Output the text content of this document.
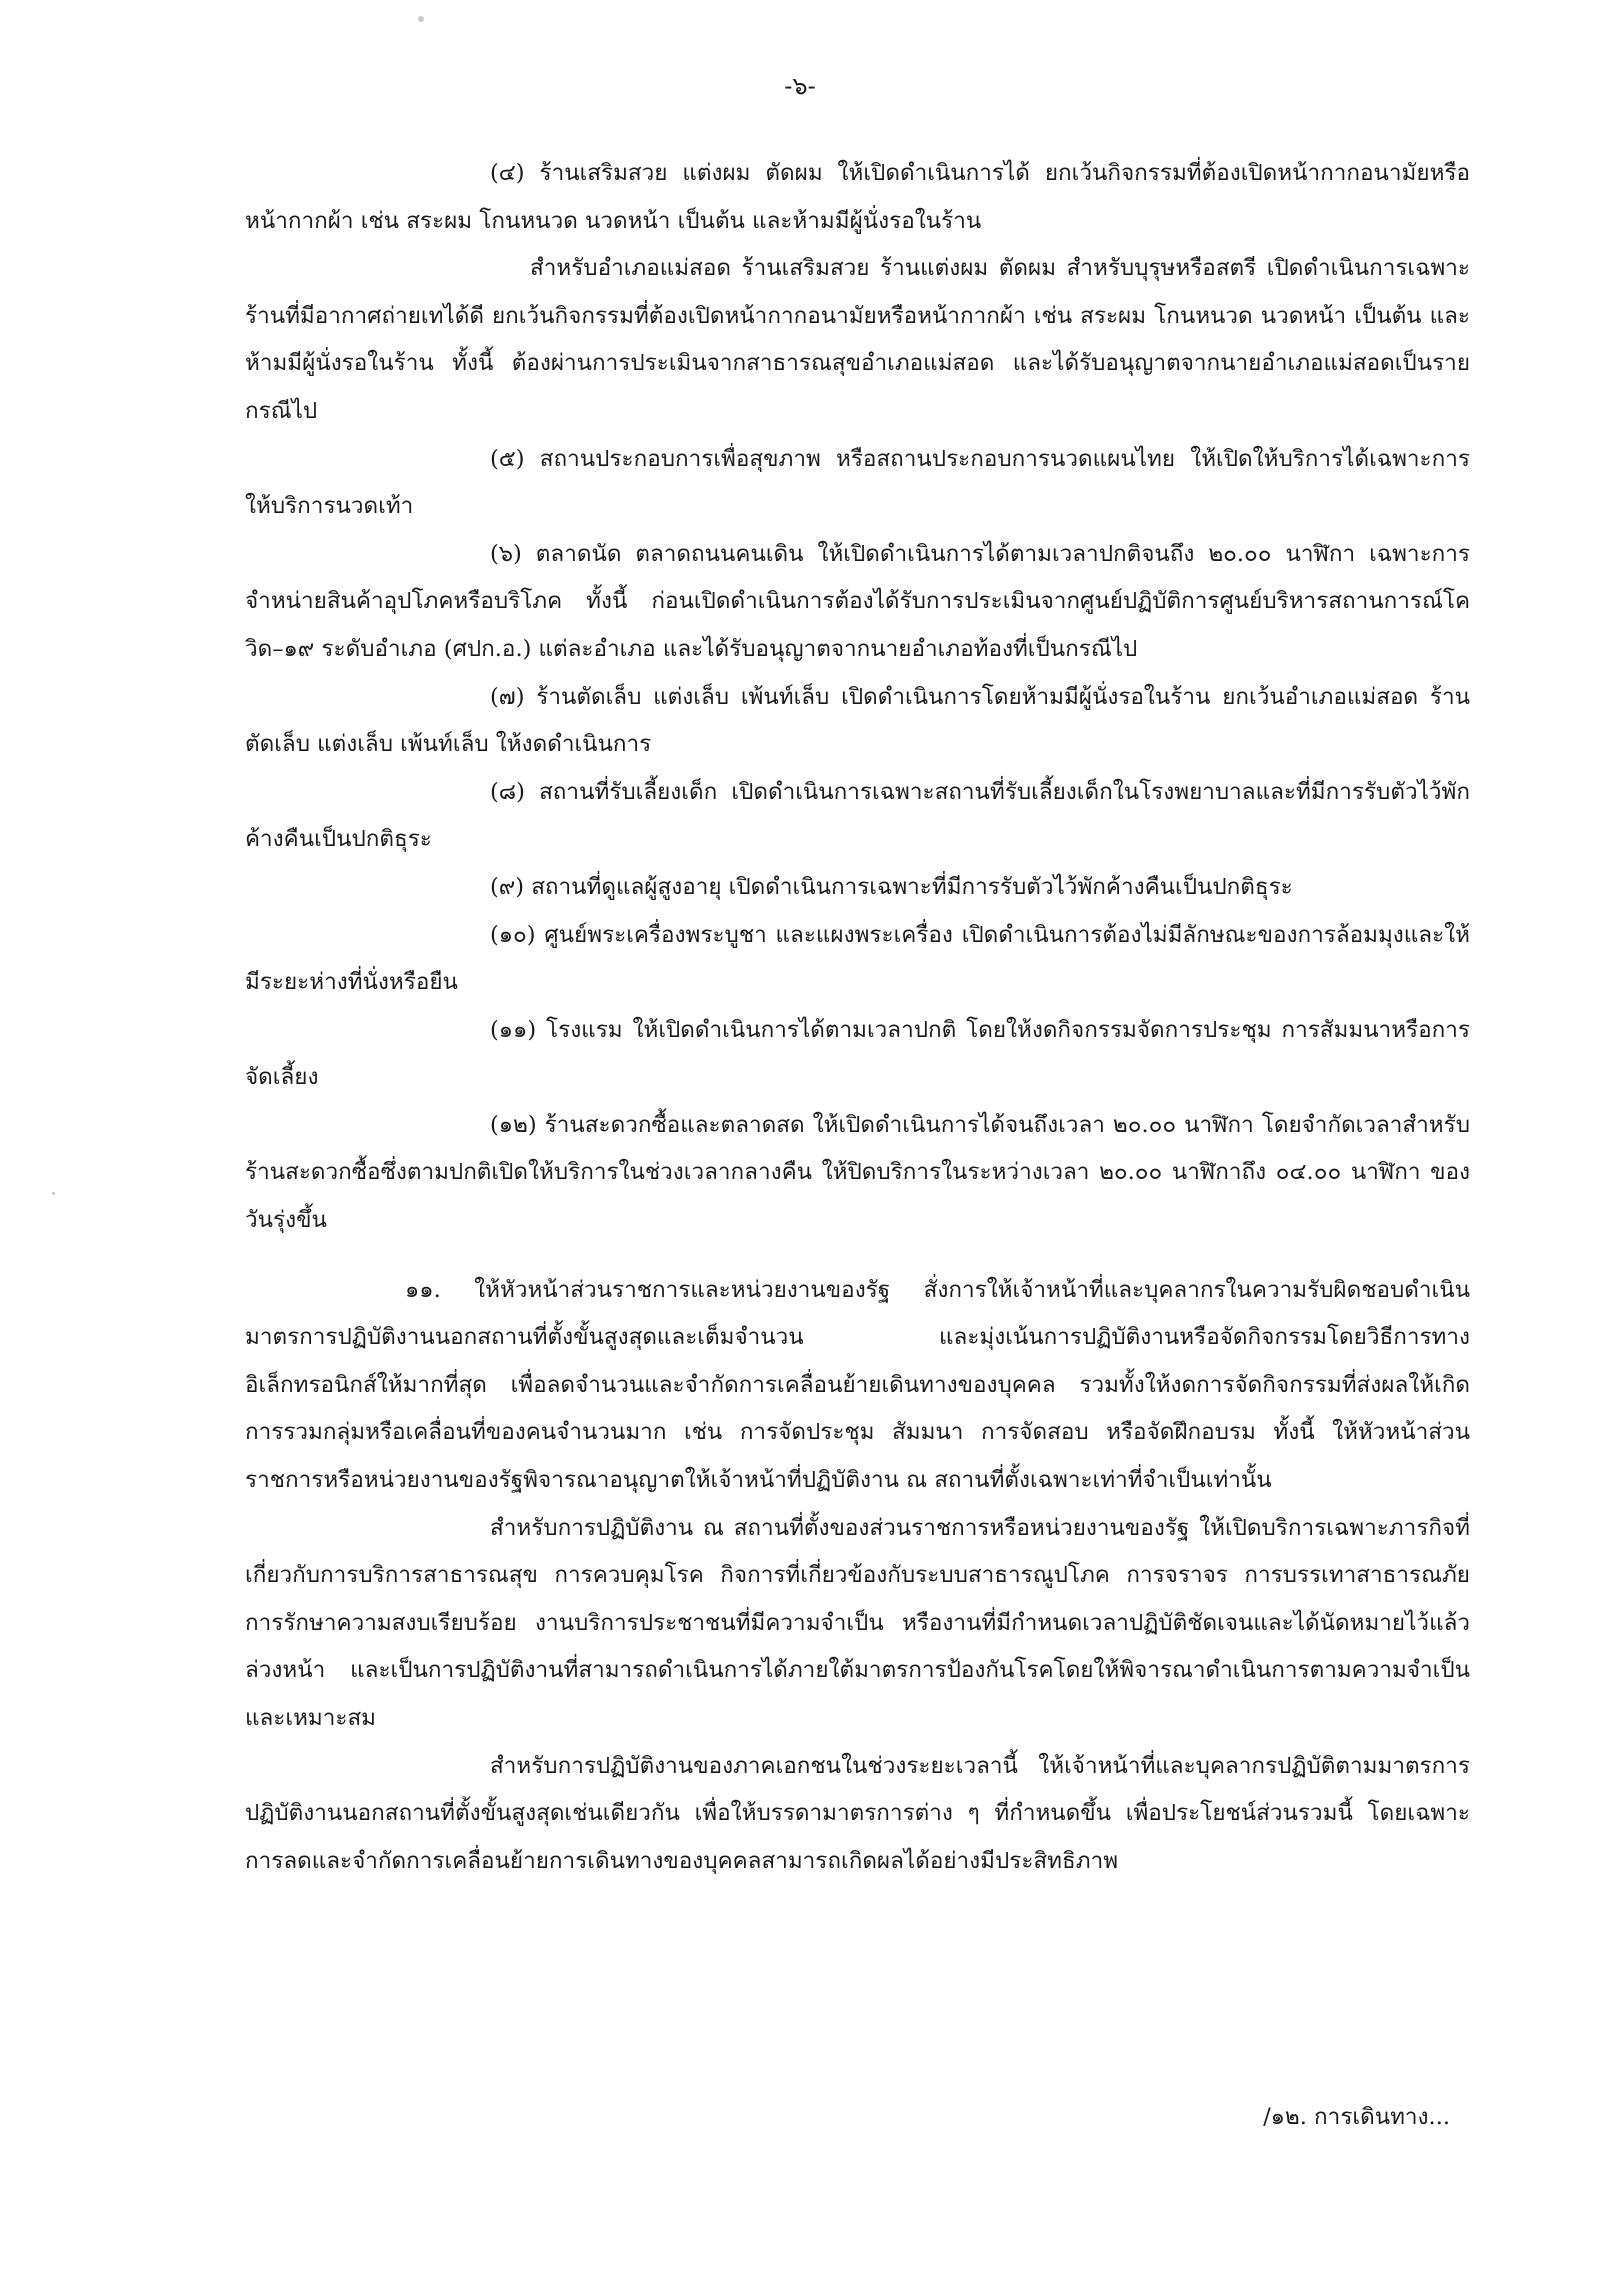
-๖-

(๔) ร้านเสริมสวย แต่งผม ตัดผม ให้เปิดดำเนินการได้ ยกเว้นกิจกรรมที่ต้องเปิดหน้ากากอนามัยหรือหน้ากากผ้า เช่น สระผม โกนหนวด นวดหน้า เป็นต้น และห้ามมีผู้นั่งรอในร้าน

สำหรับอำเภอแม่สอด ร้านเสริมสวย ร้านแต่งผม ตัดผม สำหรับบุรุษหรือสตรี เปิดดำเนินการเฉพาะร้านที่มีอากาศถ่ายเทได้ดี ยกเว้นกิจกรรมที่ต้องเปิดหน้ากากอนามัยหรือหน้ากากผ้า เช่น สระผม โกนหนวด นวดหน้า เป็นต้น และห้ามมีผู้นั่งรอในร้าน ทั้งนี้ ต้องผ่านการประเมินจากสาธารณสุขอำเภอแม่สอด และได้รับอนุญาตจากนายอำเภอแม่สอดเป็นรายกรณีไป

(๕) สถานประกอบการเพื่อสุขภาพ หรือสถานประกอบการนวดแผนไทย ให้เปิดให้บริการได้เฉพาะการให้บริการนวดเท้า

(๖) ตลาดนัด ตลาดถนนคนเดิน ให้เปิดดำเนินการได้ตามเวลาปกติจนถึง ๒๐.๐๐ นาฬิกา เฉพาะการจำหน่ายสินค้าอุปโภคหรือบริโภค ทั้งนี้ ก่อนเปิดดำเนินการต้องได้รับการประเมินจากศูนย์ปฏิบัติการศูนย์บริหารสถานการณ์โควิด–๑๙ ระดับอำเภอ (ศปก.อ.) แต่ละอำเภอ และได้รับอนุญาตจากนายอำเภอท้องที่เป็นกรณีไป

(๗) ร้านตัดเล็บ แต่งเล็บ เพ้นท์เล็บ เปิดดำเนินการโดยห้ามมีผู้นั่งรอในร้าน ยกเว้นอำเภอแม่สอด ร้านตัดเล็บ แต่งเล็บ เพ้นท์เล็บ ให้งดดำเนินการ

(๘) สถานที่รับเลี้ยงเด็ก เปิดดำเนินการเฉพาะสถานที่รับเลี้ยงเด็กในโรงพยาบาลและที่มีการรับตัวไว้พักค้างคืนเป็นปกติธุระ

(๙) สถานที่ดูแลผู้สูงอายุ เปิดดำเนินการเฉพาะที่มีการรับตัวไว้พักค้างคืนเป็นปกติธุระ

(๑๐) ศูนย์พระเครื่องพระบูชา และแผงพระเครื่อง เปิดดำเนินการต้องไม่มีลักษณะของการล้อมมุงและให้มีระยะห่างที่นั่งหรือยืน

(๑๑) โรงแรม ให้เปิดดำเนินการได้ตามเวลาปกติ โดยให้งดกิจกรรมจัดการประชุม การสัมมนาหรือการจัดเลี้ยง

(๑๒) ร้านสะดวกซื้อและตลาดสด ให้เปิดดำเนินการได้จนถึงเวลา ๒๐.๐๐ นาฬิกา โดยจำกัดเวลาสำหรับร้านสะดวกซื้อซึ่งตามปกติเปิดให้บริการในช่วงเวลากลางคืน ให้ปิดบริการในระหว่างเวลา ๒๐.๐๐ นาฬิกาถึง ๐๔.๐๐ นาฬิกา ของวันรุ่งขึ้น

๑๑. ให้หัวหน้าส่วนราชการและหน่วยงานของรัฐ สั่งการให้เจ้าหน้าที่และบุคลากรในความรับผิดชอบดำเนินมาตรการปฏิบัติงานนอกสถานที่ตั้งขั้นสูงสุดและเต็มจำนวน และมุ่งเน้นการปฏิบัติงานหรือจัดกิจกรรมโดยวิธีการทางอิเล็กทรอนิกส์ให้มากที่สุด เพื่อลดจำนวนและจำกัดการเคลื่อนย้ายเดินทางของบุคคล รวมทั้งให้งดการจัดกิจกรรมที่ส่งผลให้เกิดการรวมกลุ่มหรือเคลื่อนที่ของคนจำนวนมาก เช่น การจัดประชุม สัมมนา การจัดสอบ หรือจัดฝึกอบรม ทั้งนี้ ให้หัวหน้าส่วนราชการหรือหน่วยงานของรัฐพิจารณาอนุญาตให้เจ้าหน้าที่ปฏิบัติงาน ณ สถานที่ตั้งเฉพาะเท่าที่จำเป็นเท่านั้น

สำหรับการปฏิบัติงาน ณ สถานที่ตั้งของส่วนราชการหรือหน่วยงานของรัฐ ให้เปิดบริการเฉพาะภารกิจที่เกี่ยวกับการบริการสาธารณสุข การควบคุมโรค กิจการที่เกี่ยวข้องกับระบบสาธารณูปโภค การจราจร การบรรเทาสาธารณภัย การรักษาความสงบเรียบร้อย งานบริการประชาชนที่มีความจำเป็น หรืองานที่มีกำหนดเวลาปฏิบัติชัดเจนและได้นัดหมายไว้แล้วล่วงหน้า และเป็นการปฏิบัติงานที่สามารถดำเนินการได้ภายใต้มาตรการป้องกันโรคโดยให้พิจารณาดำเนินการตามความจำเป็นและเหมาะสม

สำหรับการปฏิบัติงานของภาคเอกชนในช่วงระยะเวลานี้ ให้เจ้าหน้าที่และบุคลากรปฏิบัติตามมาตรการปฏิบัติงานนอกสถานที่ตั้งขั้นสูงสุดเช่นเดียวกัน เพื่อให้บรรดามาตรการต่าง ๆ ที่กำหนดขึ้น เพื่อประโยชน์ส่วนรวมนี้ โดยเฉพาะการลดและจำกัดการเคลื่อนย้ายการเดินทางของบุคคลสามารถเกิดผลได้อย่างมีประสิทธิภาพ

/๑๒. การเดินทาง...
